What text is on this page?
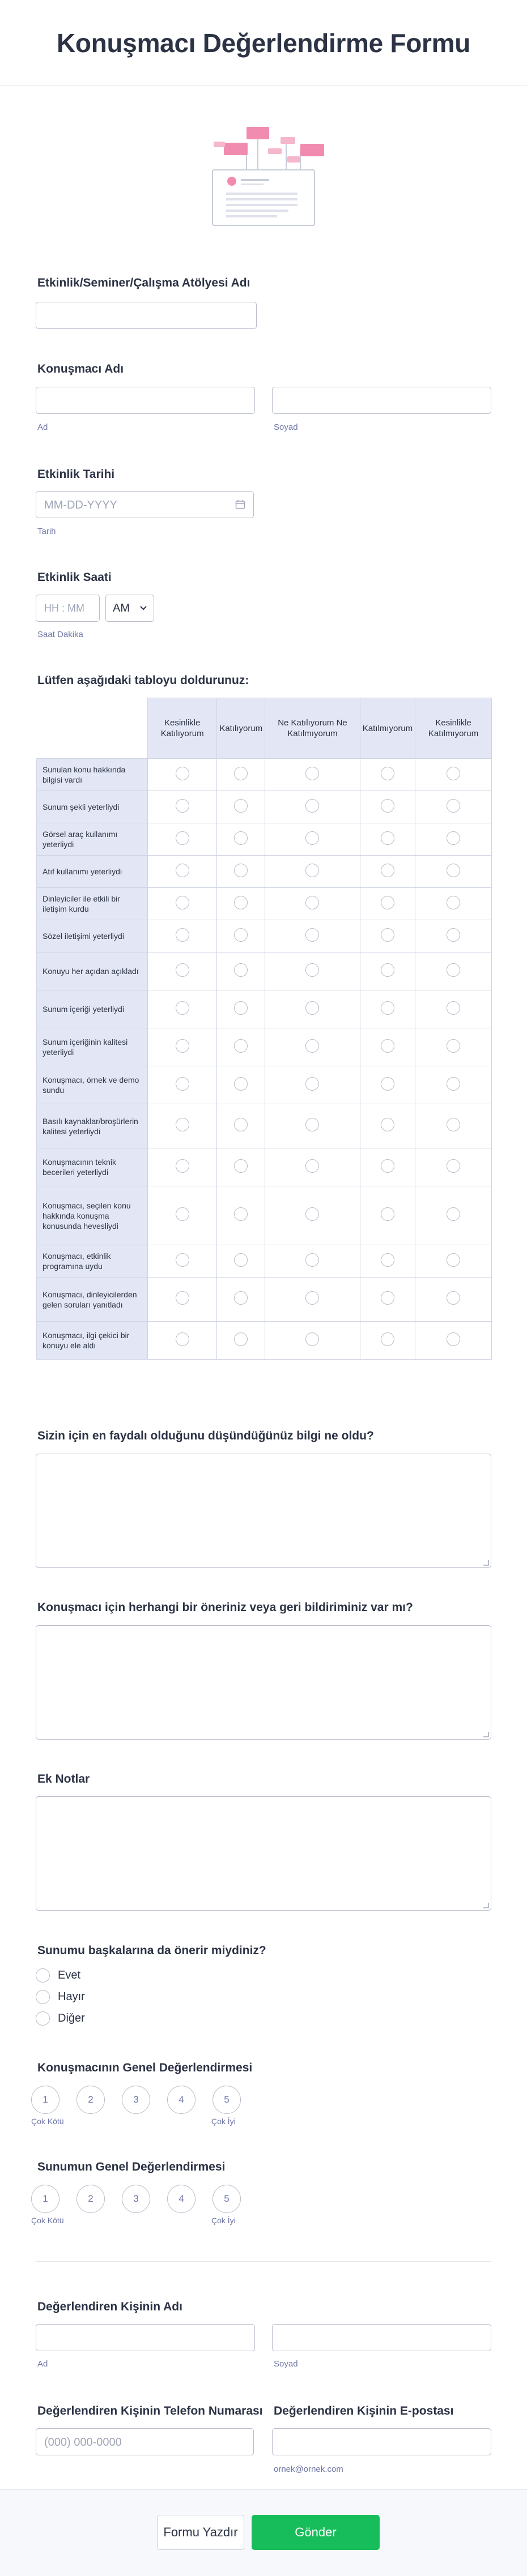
Konuşmacı Değerlendirme Formu
Etkinlik/Seminer/Çalışma Atölyesi Adı
Konuşmacı Adı
Ad	Soyad
Etkinlik Tarihi
MM-DD-YYYY
Tarih
Etkinlik Saati
HH : MM	AM
Saat Dakika
Lütfen aşağıdaki tabloyu doldurunuz:
	Kesinlikle Katılıyorum	Katılıyorum	Ne Katılıyorum Ne Katılmıyorum	Katılmıyorum	Kesinlikle Katılmıyorum
Sunulan konu hakkında bilgisi vardı					
Sunum şekli yeterliydi					
Görsel araç kullanımı yeterliydi					
Atıf kullanımı yeterliydi					
Dinleyiciler ile etkili bir iletişim kurdu					
Sözel iletişimi yeterliydi					
Konuyu her açıdan açıkladı					
Sunum içeriği yeterliydi					
Sunum içeriğinin kalitesi yeterliydi					
Konuşmacı, örnek ve demo sundu					
Basılı kaynaklar/broşürlerin kalitesi yeterliydi					
Konuşmacının teknik becerileri yeterliydi					
Konuşmacı, seçilen konu hakkında konuşma konusunda hevesliydi					
Konuşmacı, etkinlik programına uydu					
Konuşmacı, dinleyicilerden gelen soruları yanıtladı					
Konuşmacı, ilgi çekici bir konuyu ele aldı					
Sizin için en faydalı olduğunu düşündüğünüz bilgi ne oldu?
Konuşmacı için herhangi bir öneriniz veya geri bildiriminiz var mı?
Ek Notlar
Sunumu başkalarına da önerir miydiniz?
Evet
Hayır
Diğer
Konuşmacının Genel Değerlendirmesi
1	2	3	4	5
Çok Kötü	Çok İyi
Sunumun Genel Değerlendirmesi
1	2	3	4	5
Çok Kötü	Çok İyi
Değerlendiren Kişinin Adı
Ad	Soyad
Değerlendiren Kişinin Telefon Numarası
(000) 000-0000
Değerlendiren Kişinin E-postası
ornek@ornek.com
Formu Yazdır	Gönder
